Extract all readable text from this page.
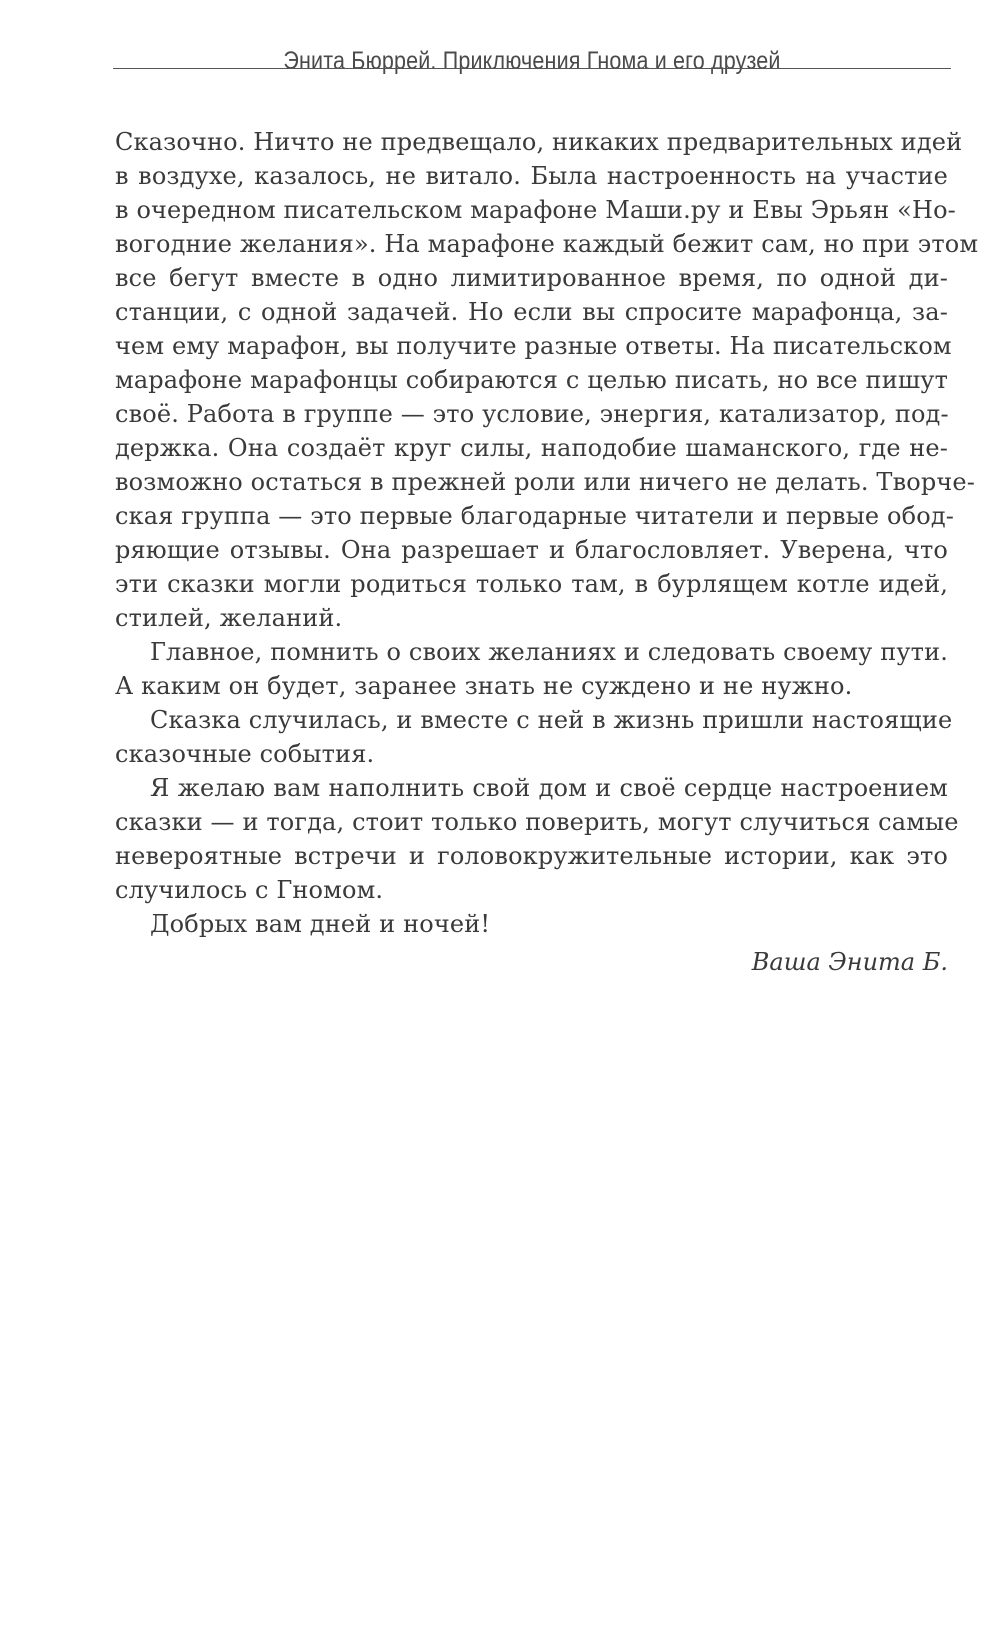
Энита Бюррей. Приключения Гнома и его друзей
Сказочно. Ничто не предвещало, никаких предварительных идей
в воздухе, казалось, не витало. Была настроенность на участие
в очередном писательском марафоне Маши.ру и Евы Эрьян «Но-
вогодние желания». На марафоне каждый бежит сам, но при этом
все бегут вместе в одно лимитированное время, по одной ди-
станции, с одной задачей. Но если вы спросите марафонца, за-
чем ему марафон, вы получите разные ответы. На писательском
марафоне марафонцы собираются с целью писать, но все пишут
своё. Работа в группе — это условие, энергия, катализатор, под-
держка. Она создаёт круг силы, наподобие шаманского, где не-
возможно остаться в прежней роли или ничего не делать. Творче-
ская группа — это первые благодарные читатели и первые обод-
ряющие отзывы. Она разрешает и благословляет. Уверена, что
эти сказки могли родиться только там, в бурлящем котле идей,
стилей, желаний.
Главное, помнить о своих желаниях и следовать своему пути.
А каким он будет, заранее знать не суждено и не нужно.
Сказка случилась, и вместе с ней в жизнь пришли настоящие
сказочные события.
Я желаю вам наполнить свой дом и своё сердце настроением
сказки — и тогда, стоит только поверить, могут случиться самые
невероятные встречи и головокружительные истории, как это
случилось с Гномом.
Добрых вам дней и ночей!
Ваша Энита Б.
